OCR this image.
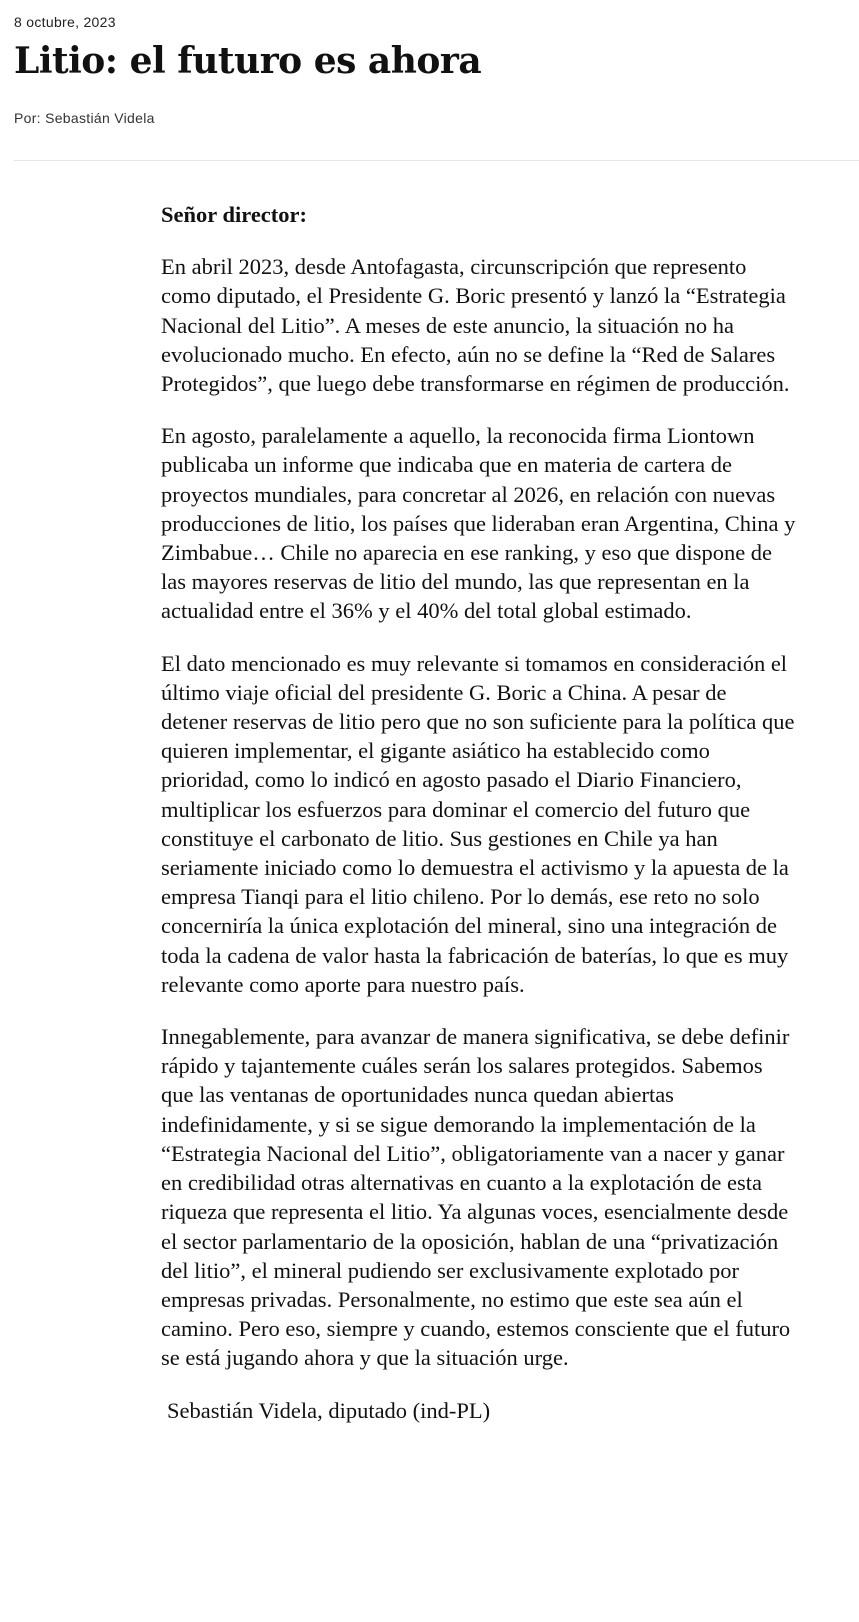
8 octubre, 2023
Litio: el futuro es ahora
Por: Sebastián Videla

Señor director:

En abril 2023, desde Antofagasta, circunscripción que represento como diputado, el Presidente G. Boric presentó y lanzó la “Estrategia Nacional del Litio”. A meses de este anuncio, la situación no ha evolucionado mucho. En efecto, aún no se define la “Red de Salares Protegidos”, que luego debe transformarse en régimen de producción.

En agosto, paralelamente a aquello, la reconocida firma Liontown publicaba un informe que indicaba que en materia de cartera de proyectos mundiales, para concretar al 2026, en relación con nuevas producciones de litio, los países que lideraban eran Argentina, China y Zimbabue… Chile no aparecia en ese ranking, y eso que dispone de las mayores reservas de litio del mundo, las que representan en la actualidad entre el 36% y el 40% del total global estimado.

El dato mencionado es muy relevante si tomamos en consideración el último viaje oficial del presidente G. Boric a China. A pesar de detener reservas de litio pero que no son suficiente para la política que quieren implementar, el gigante asiático ha establecido como prioridad, como lo indicó en agosto pasado el Diario Financiero, multiplicar los esfuerzos para dominar el comercio del futuro que constituye el carbonato de litio. Sus gestiones en Chile ya han seriamente iniciado como lo demuestra el activismo y la apuesta de la empresa Tianqi para el litio chileno. Por lo demás, ese reto no solo concerniría la única explotación del mineral, sino una integración de toda la cadena de valor hasta la fabricación de baterías, lo que es muy relevante como aporte para nuestro país.

Innegablemente, para avanzar de manera significativa, se debe definir rápido y tajantemente cuáles serán los salares protegidos. Sabemos que las ventanas de oportunidades nunca quedan abiertas indefinidamente, y si se sigue demorando la implementación de la “Estrategia Nacional del Litio”, obligatoriamente van a nacer y ganar en credibilidad otras alternativas en cuanto a la explotación de esta riqueza que representa el litio. Ya algunas voces, esencialmente desde el sector parlamentario de la oposición, hablan de una “privatización del litio”, el mineral pudiendo ser exclusivamente explotado por empresas privadas. Personalmente, no estimo que este sea aún el camino. Pero eso, siempre y cuando, estemos consciente que el futuro se está jugando ahora y que la situación urge.

Sebastián Videla, diputado (ind-PL)
